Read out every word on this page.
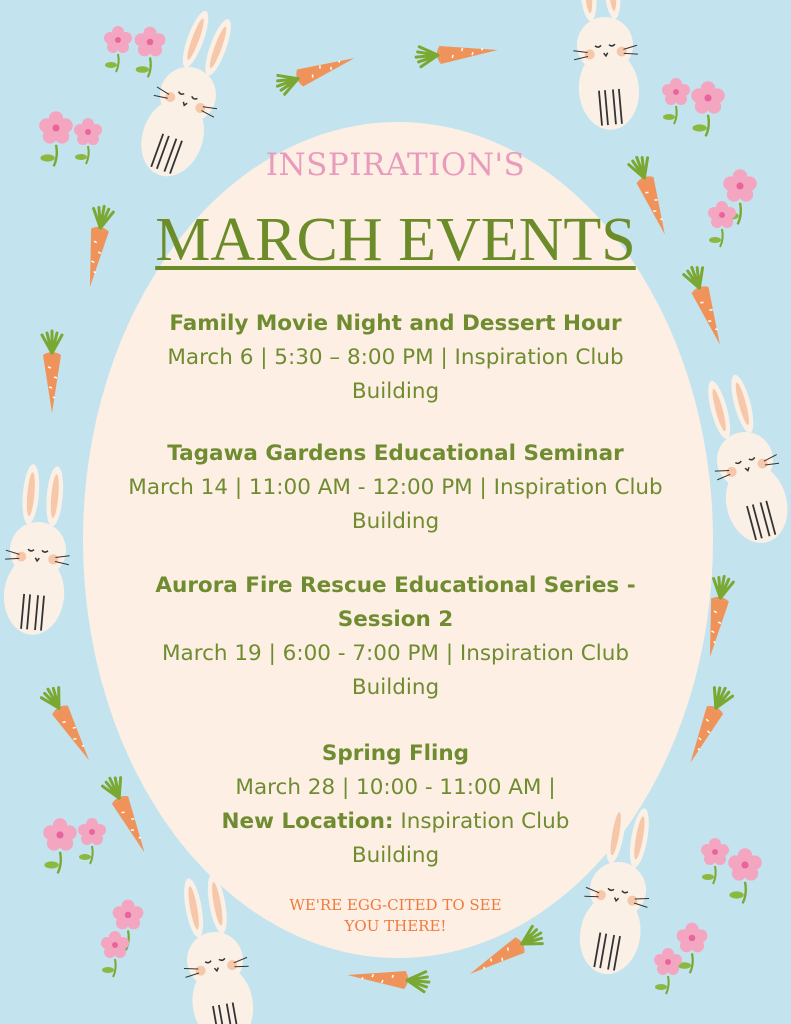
INSPIRATION'S
MARCH EVENTS
Family Movie Night and Dessert Hour
March 6 | 5:30 – 8:00 PM | Inspiration Club
Building
Tagawa Gardens Educational Seminar
March 14 | 11:00 AM - 12:00 PM | Inspiration Club
Building
Aurora Fire Rescue Educational Series -
Session 2
March 19 | 6:00 - 7:00 PM | Inspiration Club
Building
Spring Fling
March 28 | 10:00 - 11:00 AM |
New Location: Inspiration Club
Building
WE'RE EGG-CITED TO SEE
YOU THERE!
